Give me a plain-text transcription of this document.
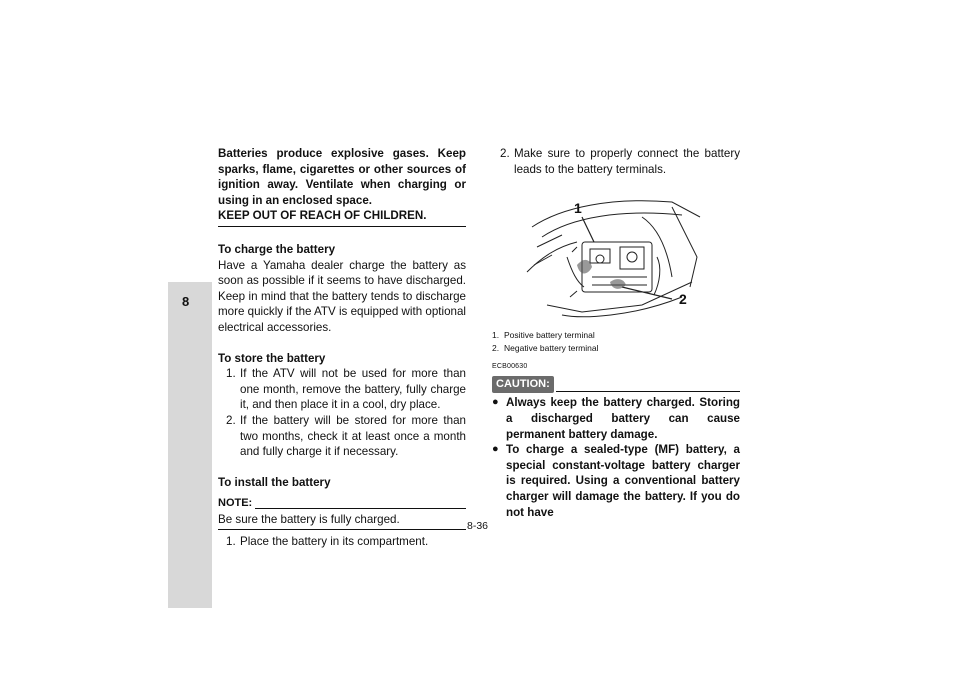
8
Batteries produce explosive gases. Keep sparks, flame, cigarettes or other sources of ignition away. Ventilate when charging or using in an enclosed space.
KEEP OUT OF REACH OF CHILDREN.
To charge the battery
Have a Yamaha dealer charge the battery as soon as possible if it seems to have discharged. Keep in mind that the battery tends to discharge more quickly if the ATV is equipped with optional electrical accessories.
To store the battery
1. If the ATV will not be used for more than one month, remove the battery, fully charge it, and then place it in a cool, dry place.
2. If the battery will be stored for more than two months, check it at least once a month and fully charge it if necessary.
To install the battery
NOTE:
Be sure the battery is fully charged.
1. Place the battery in its compartment.
2. Make sure to properly connect the battery leads to the battery terminals.
1
2
1. Positive battery terminal
2. Negative battery terminal
ECB00630
CAUTION:
● Always keep the battery charged. Storing a discharged battery can cause permanent battery damage.
● To charge a sealed-type (MF) battery, a special constant-voltage battery charger is required. Using a conventional battery charger will damage the battery. If you do not have
8-36
